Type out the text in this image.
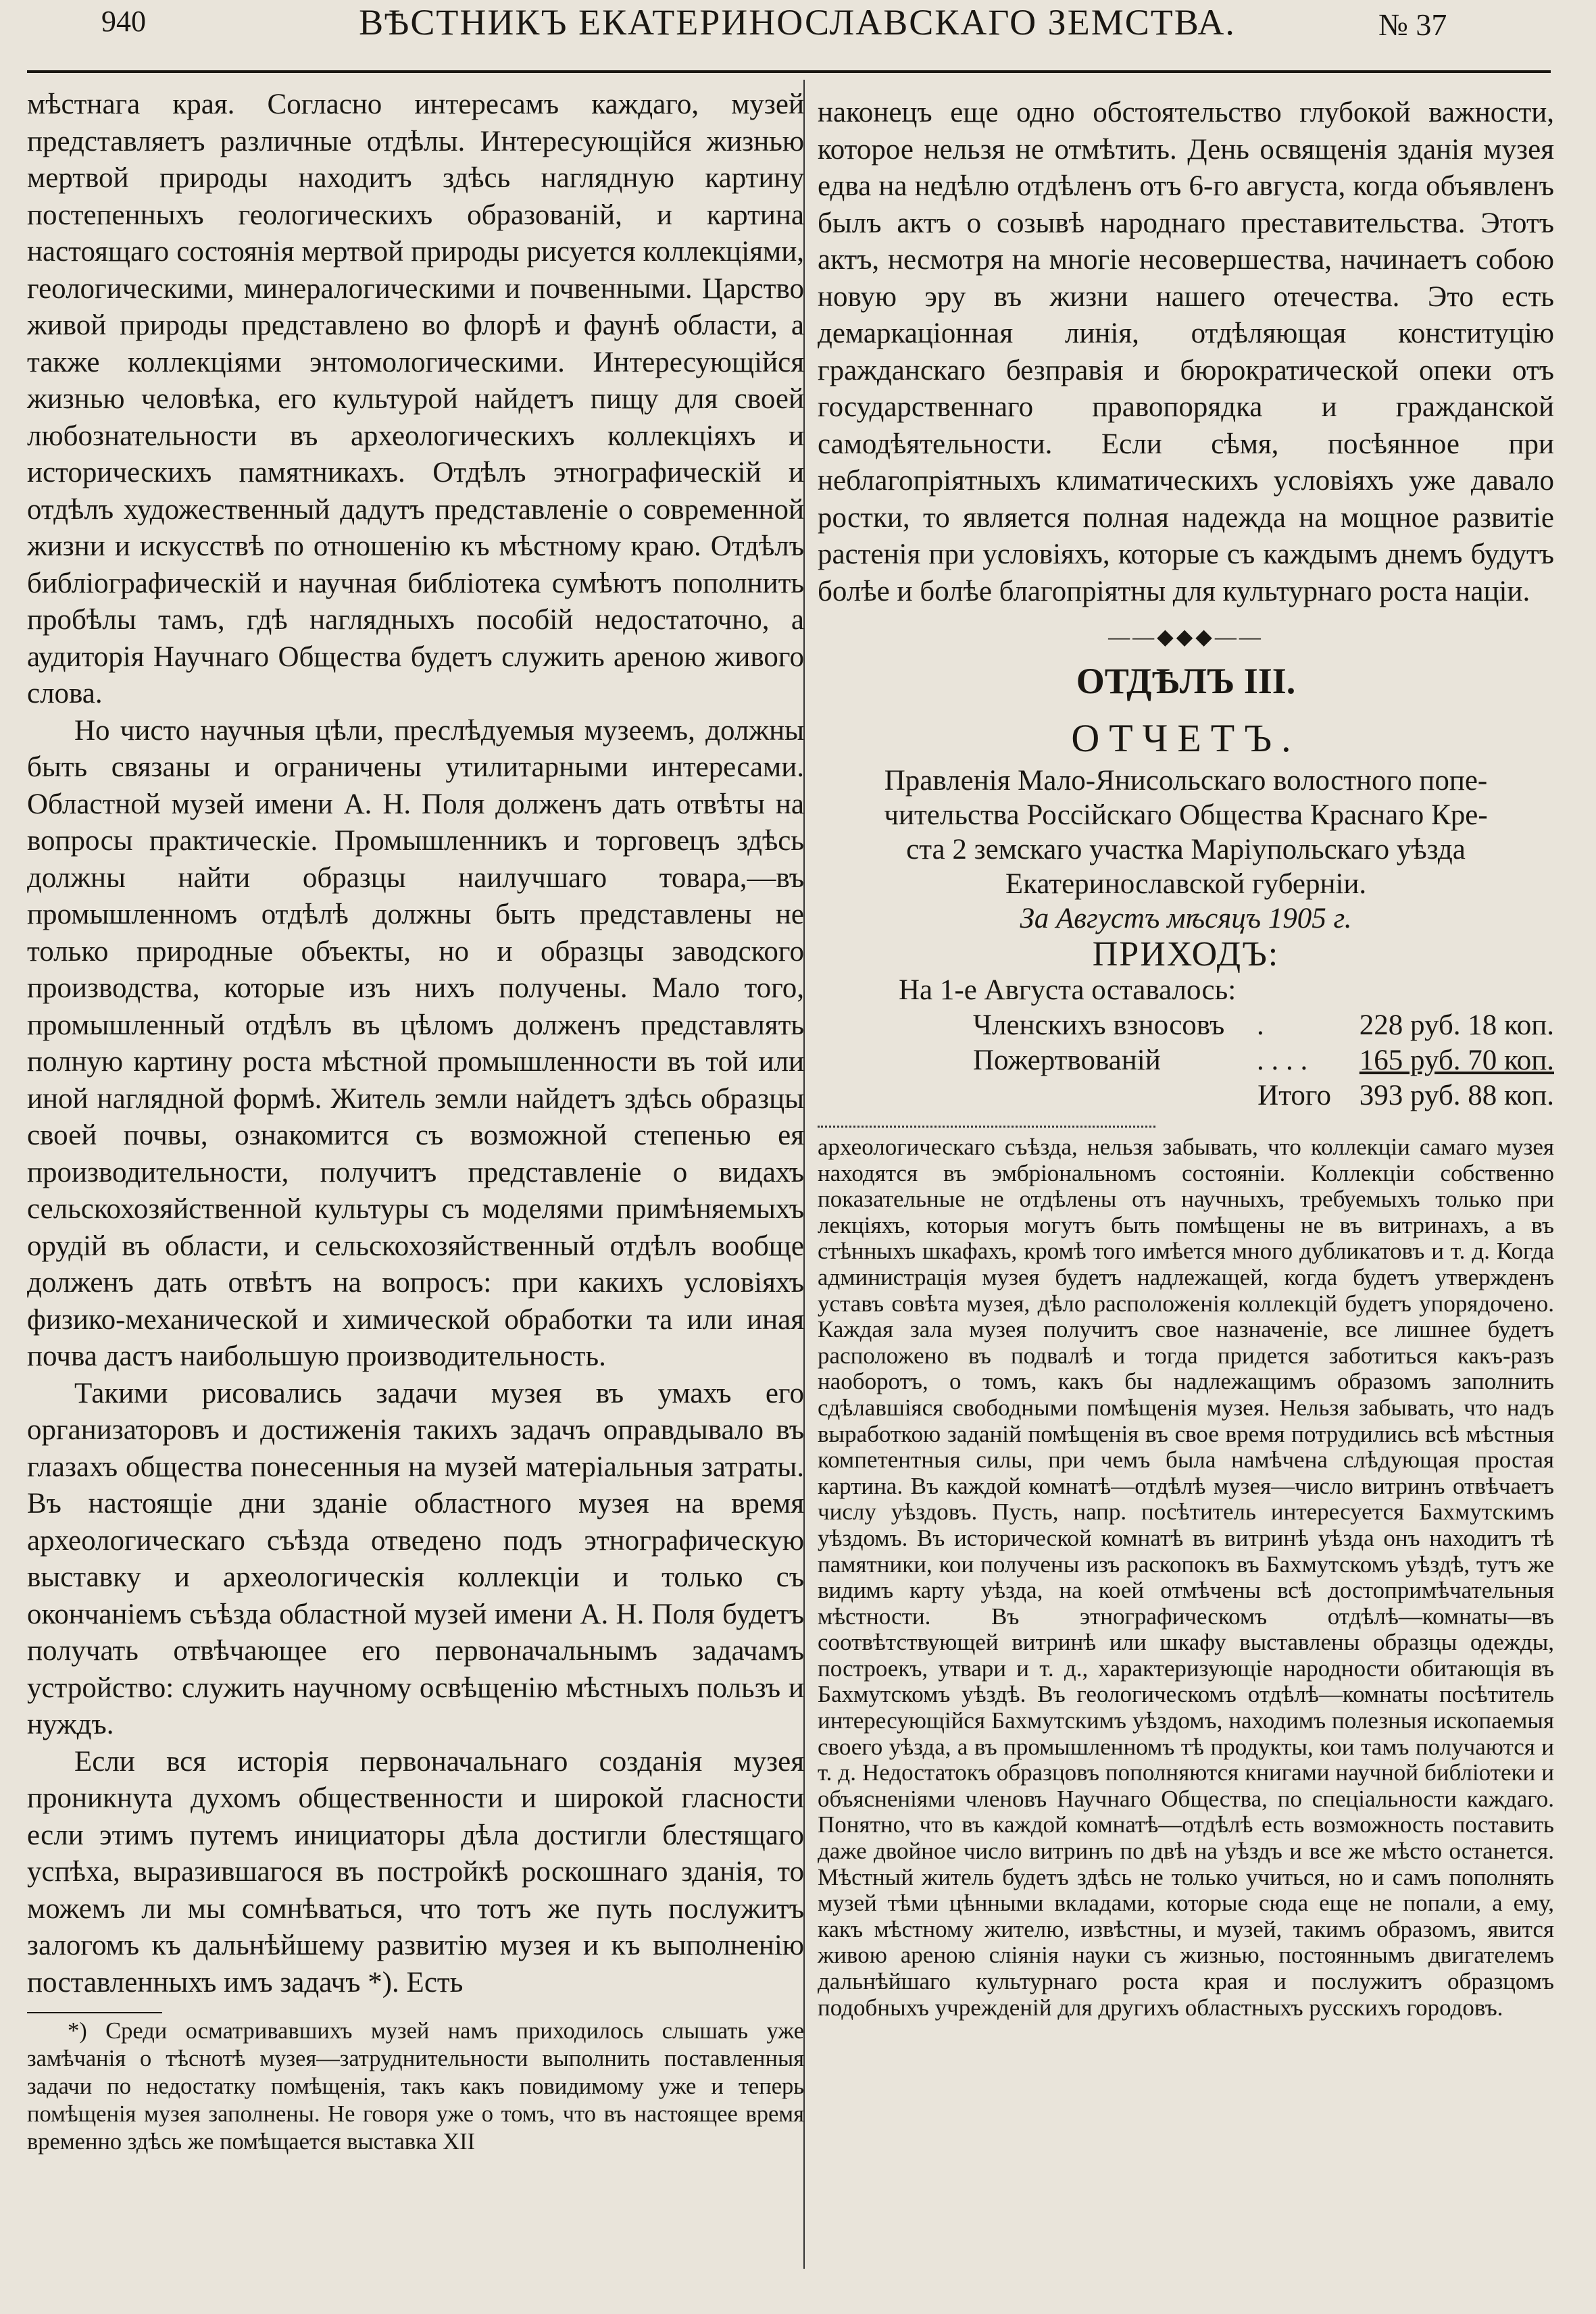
940	ВѢСТНИКЪ ЕКАТЕРИНОСЛАВСКАГО ЗЕМСТВА.	№ 37

мѣстнага края. Согласно интересамъ каждаго, музей представляетъ различные отдѣлы. Интересующiйся жизнью мертвой природы находитъ здѣсь наглядную картину постепенныхъ геологическихъ образованiй, и картина настоящаго состоянiя мертвой природы рисуется коллекцiями, геологическими, минералогическими и почвенными. Царство живой природы представлено во флорѣ и фаунѣ области, а также коллекцiями энтомологическими. Интересующiйся жизнью человѣка, его культурой найдетъ пищу для своей любознательности въ археологическихъ коллекцiяхъ и историческихъ памятникахъ. Отдѣлъ этнографическiй и отдѣлъ художественный дадутъ представленiе о современной жизни и искусствѣ по отношенiю къ мѣстному краю. Отдѣлъ библiографическiй и научная библiотека сумѣютъ пополнить пробѣлы тамъ, гдѣ наглядныхъ пособiй недостаточно, а аудиторiя Научнаго Общества будетъ служить ареною живого слова.

Но чисто научныя цѣли, преслѣдуемыя музеемъ, должны быть связаны и ограничены утилитарными интересами. Областной музей имени А. Н. Поля долженъ дать отвѣты на вопросы практическiе. Промышленникъ и торговецъ здѣсь должны найти образцы наилучшаго товара,—въ промышленномъ отдѣлѣ должны быть представлены не только природные объекты, но и образцы заводского производства, которые изъ нихъ получены. Мало того, промышленный отдѣлъ въ цѣломъ долженъ представлять полную картину роста мѣстной промышленности въ той или иной наглядной формѣ. Житель земли найдетъ здѣсь образцы своей почвы, ознакомится съ возможной степенью ея производительности, получитъ представленiе о видахъ сельскохозяйственной культуры съ моделями примѣняемыхъ орудiй въ области, и сельскохозяйственный отдѣлъ вообще долженъ дать отвѣтъ на вопросъ: при какихъ условiяхъ физико-механической и химической обработки та или иная почва дастъ наибольшую производительность.

Такими рисовались задачи музея въ умахъ его организаторовъ и достиженiя такихъ задачъ оправдывало въ глазахъ общества понесенныя на музей матерiальныя затраты. Въ настоящiе дни зданiе областного музея на время археологическаго съѣзда отведено подъ этнографическую выставку и археологическiя коллекцiи и только съ окончанiемъ съѣзда областной музей имени А. Н. Поля будетъ получать отвѣчающее его первоначальнымъ задачамъ устройство: служить научному освѣщенiю мѣстныхъ пользъ и нуждъ.

Если вся исторiя первоначальнаго созданiя музея проникнута духомъ общественности и широкой гласности если этимъ путемъ инициаторы дѣла достигли блестящаго успѣха, выразившагося въ постройкѣ роскошнаго зданiя, то можемъ ли мы сомнѣваться, что тотъ же путь послужитъ залогомъ къ дальнѣйшему развитiю музея и къ выполненiю поставленныхъ имъ задачъ *). Есть

*) Среди осматривавшихъ музей намъ приходилось слышать уже замѣчанiя о тѣснотѣ музея—затруднительности выполнить поставленныя задачи по недостатку помѣщенiя, такъ какъ повидимому уже и теперь помѣщенiя музея заполнены. Не говоря уже о томъ, что въ настоящее время временно здѣсь же помѣщается выставка XII

наконецъ еще одно обстоятельство глубокой важности, которое нельзя не отмѣтить. День освященiя зданiя музея едва на недѣлю отдѣленъ отъ 6-го августа, когда объявленъ былъ актъ о созывѣ народнаго преставительства. Этотъ актъ, несмотря на многiе несовершества, начинаетъ собою новую эру въ жизни нашего отечества. Это есть демаркацiонная линiя, отдѣляющая конституцiю гражданскаго безправiя и бюрократической опеки отъ государственнаго правопорядка и гражданской самодѣятельности. Если сѣмя, посѣянное при неблагопрiятныхъ климатическихъ условiяхъ уже давало ростки, то является полная надежда на мощное развитiе растенiя при условiяхъ, которые съ каждымъ днемъ будутъ болѣе и болѣе благопрiятны для культурнаго роста нацiи.

——◆◆◆——
ОТДѢЛЪ III.
ОТЧЕТЪ.
Правленiя Мало-Янисольскаго волостного попе-
чительства Россiйскаго Общества Краснаго Кре-
ста 2 земскаго участка Марiупольскаго уѣзда
Екатеринославской губернiи.
За Августъ мѣсяцъ 1905 г.
ПРИХОДЪ:
На 1-е Августа оставалось:
Членскихъ взносовъ	.	228 руб. 18 коп.
Пожертвованiй	. . . .	165 руб. 70 коп.
Итого 393 руб. 88 коп.

археологическаго съѣзда, нельзя забывать, что коллекцiи самаго музея находятся въ эмбрiональномъ состоянiи. Коллекцiи собственно показательные не отдѣлены отъ научныхъ, требуемыхъ только при лекцiяхъ, которыя могутъ быть помѣщены не въ витринахъ, а въ стѣнныхъ шкафахъ, кромѣ того имѣется много дубликатовъ и т. д. Когда администрацiя музея будетъ надлежащей, когда будетъ утвержденъ уставъ совѣта музея, дѣло расположенiя коллекцiй будетъ упорядочено. Каждая зала музея получитъ свое назначенiе, все лишнее будетъ расположено въ подвалѣ и тогда придется заботиться какъ-разъ наоборотъ, о томъ, какъ бы надлежащимъ образомъ заполнить сдѣлавшiяся свободными помѣщенiя музея. Нельзя забывать, что надъ выработкою заданiй помѣщенiя въ свое время потрудились всѣ мѣстныя компетентныя силы, при чемъ была намѣчена слѣдующая простая картина. Въ каждой комнатѣ—отдѣлѣ музея—число витринъ отвѣчаетъ числу уѣздовъ. Пусть, напр. посѣтитель интересуется Бахмутскимъ уѣздомъ. Въ исторической комнатѣ въ витринѣ уѣзда онъ находитъ тѣ памятники, кои получены изъ раскопокъ въ Бахмутскомъ уѣздѣ, тутъ же видимъ карту уѣзда, на коей отмѣчены всѣ достопримѣчательныя мѣстности. Въ этнографическомъ отдѣлѣ—комнаты—въ соотвѣтствующей витринѣ или шкафу выставлены образцы одежды, построекъ, утвари и т. д., характеризующiе народности обитающiя въ Бахмутскомъ уѣздѣ. Въ геологическомъ отдѣлѣ—комнаты посѣтитель интересующiйся Бахмутскимъ уѣздомъ, находимъ полезныя ископаемыя своего уѣзда, а въ промышленномъ тѣ продукты, кои тамъ получаются и т. д. Недостатокъ образцовъ пополняются книгами научной библiотеки и объясненiями членовъ Научнаго Общества, по спецiальности каждаго. Понятно, что въ каждой комнатѣ—отдѣлѣ есть возможность поставить даже двойное число витринъ по двѣ на уѣздъ и все же мѣсто останется. Мѣстный житель будетъ здѣсь не только учиться, но и самъ пополнять музей тѣми цѣнными вкладами, которые сюда еще не попали, а ему, какъ мѣстному жителю, извѣстны, и музей, такимъ образомъ, явится живою ареною слiянiя науки съ жизнью, постояннымъ двигателемъ дальнѣйшаго культурнаго роста края и послужитъ образцомъ подобныхъ учрежденiй для другихъ областныхъ русскихъ городовъ.
